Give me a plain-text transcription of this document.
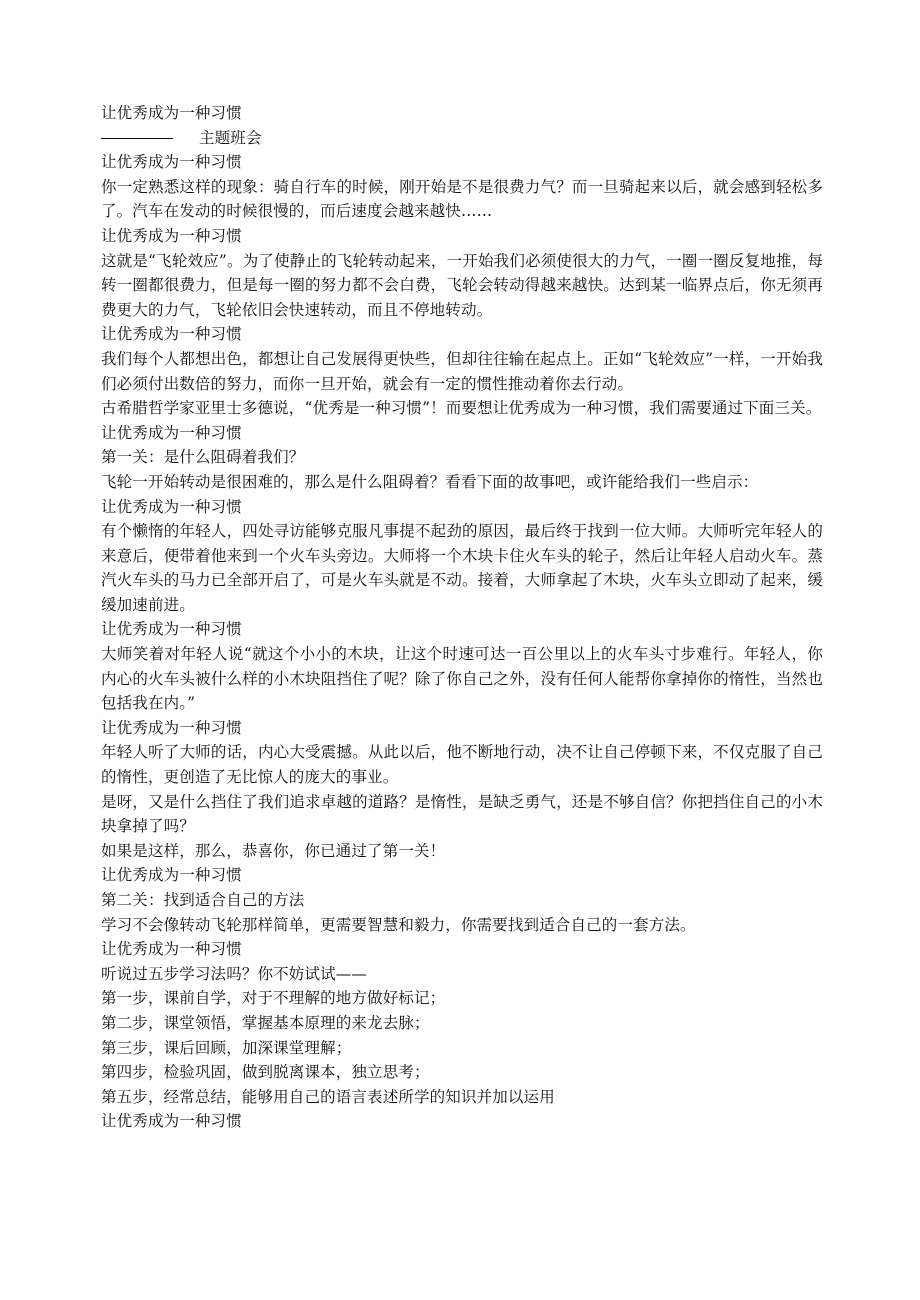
让优秀成为一种习惯

主题班会

让优秀成为一种习惯

你一定熟悉这样的现象：骑自行车的时候，刚开始是不是很费力气？而一旦骑起来以后，就会感到轻松多了。汽车在发动的时候很慢的，而后速度会越来越快……

让优秀成为一种习惯

这就是“飞轮效应”。为了使静止的飞轮转动起来，一开始我们必须使很大的力气，一圈一圈反复地推，每转一圈都很费力，但是每一圈的努力都不会白费，飞轮会转动得越来越快。达到某一临界点后，你无须再费更大的力气，飞轮依旧会快速转动，而且不停地转动。

让优秀成为一种习惯

我们每个人都想出色，都想让自己发展得更快些，但却往往输在起点上。正如“飞轮效应”一样，一开始我们必须付出数倍的努力，而你一旦开始，就会有一定的惯性推动着你去行动。

古希腊哲学家亚里士多德说，“优秀是一种习惯”！而要想让优秀成为一种习惯，我们需要通过下面三关。

让优秀成为一种习惯

第一关：是什么阻碍着我们？

飞轮一开始转动是很困难的，那么是什么阻碍着？看看下面的故事吧，或许能给我们一些启示：

让优秀成为一种习惯

有个懒惰的年轻人，四处寻访能够克服凡事提不起劲的原因，最后终于找到一位大师。大师听完年轻人的来意后，便带着他来到一个火车头旁边。大师将一个木块卡住火车头的轮子，然后让年轻人启动火车。蒸汽火车头的马力已全部开启了，可是火车头就是不动。接着，大师拿起了木块，火车头立即动了起来，缓缓加速前进。

让优秀成为一种习惯

大师笑着对年轻人说“就这个小小的木块，让这个时速可达一百公里以上的火车头寸步难行。年轻人，你内心的火车头被什么样的小木块阻挡住了呢？除了你自己之外，没有任何人能帮你拿掉你的惰性，当然也包括我在内。”

让优秀成为一种习惯

年轻人听了大师的话，内心大受震撼。从此以后，他不断地行动，决不让自己停顿下来，不仅克服了自己的惰性，更创造了无比惊人的庞大的事业。

是呀，又是什么挡住了我们追求卓越的道路？是惰性，是缺乏勇气，还是不够自信？你把挡住自己的小木块拿掉了吗？

如果是这样，那么，恭喜你，你已通过了第一关！

让优秀成为一种习惯

第二关：找到适合自己的方法

学习不会像转动飞轮那样简单，更需要智慧和毅力，你需要找到适合自己的一套方法。

让优秀成为一种习惯

听说过五步学习法吗？你不妨试试——

第一步，课前自学，对于不理解的地方做好标记；

第二步，课堂领悟，掌握基本原理的来龙去脉；

第三步，课后回顾，加深课堂理解；

第四步，检验巩固，做到脱离课本，独立思考；

第五步，经常总结，能够用自己的语言表述所学的知识并加以运用

让优秀成为一种习惯
